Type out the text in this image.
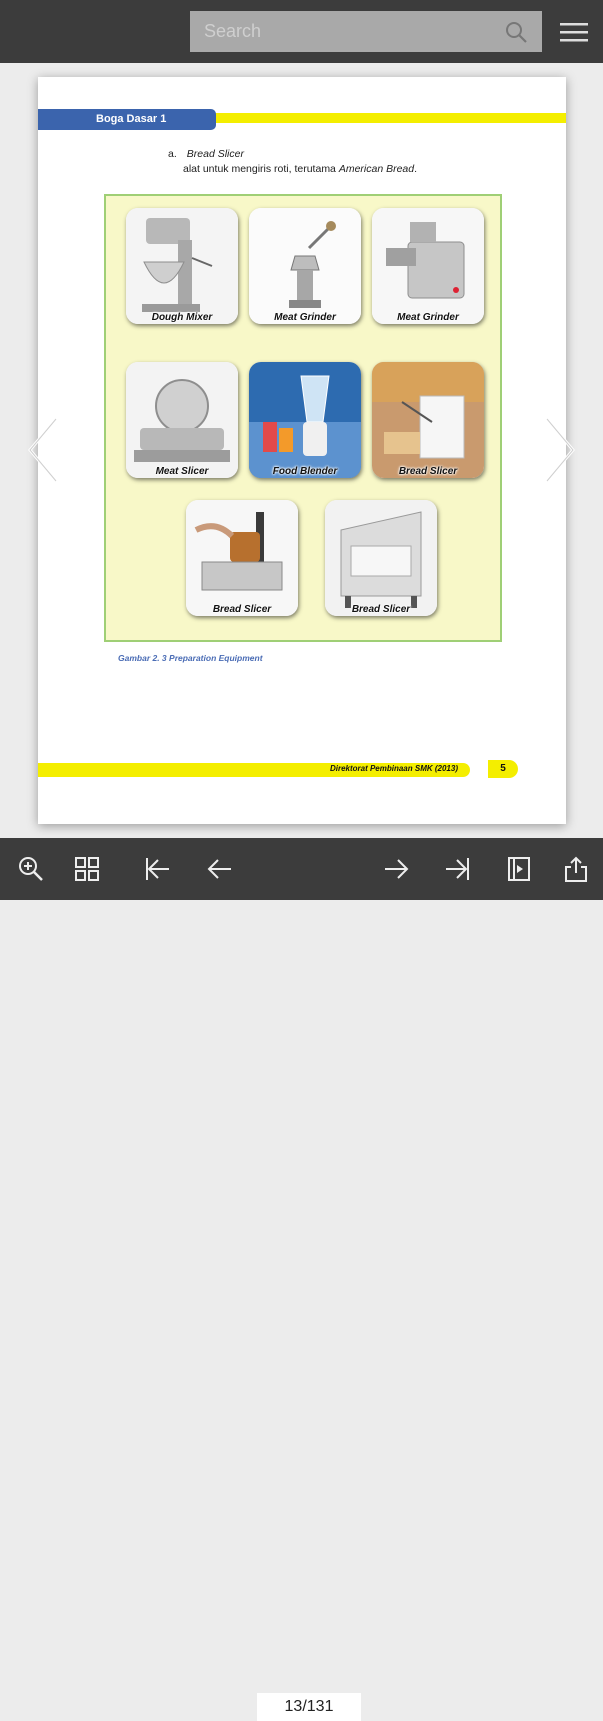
Search
Boga Dasar 1
a. Bread Slicer
alat untuk mengiris roti, terutama American Bread.
Dough Mixer	Meat Grinder	Meat Grinder
Meat Slicer	Food Blender	Bread Slicer
Bread Slicer	Bread Slicer
Gambar 2. 3 Preparation Equipment
Direktorat Pembinaan SMK (2013)	5
13/131
